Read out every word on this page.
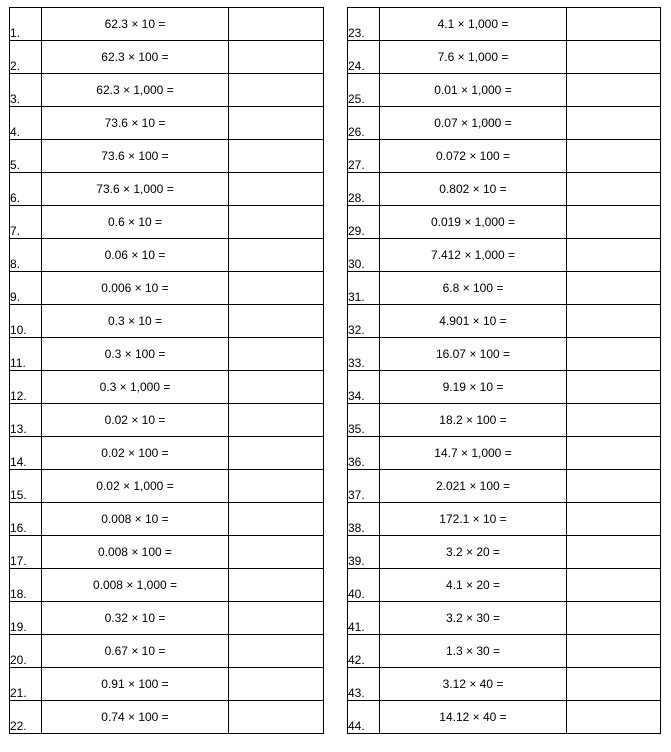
1.	62.3 × 10 =	
2.	62.3 × 100 =	
3.	62.3 × 1,000 =	
4.	73.6 × 10 =	
5.	73.6 × 100 =	
6.	73.6 × 1,000 =	
7.	0.6 × 10 =	
8.	0.06 × 10 =	
9.	0.006 × 10 =	
10.	0.3 × 10 =	
11.	0.3 × 100 =	
12.	0.3 × 1,000 =	
13.	0.02 × 10 =	
14.	0.02 × 100 =	
15.	0.02 × 1,000 =	
16.	0.008 × 10 =	
17.	0.008 × 100 =	
18.	0.008 × 1,000 =	
19.	0.32 × 10 =	
20.	0.67 × 10 =	
21.	0.91 × 100 =	
22.	0.74 × 100 =	
23.	4.1 × 1,000 =	
24.	7.6 × 1,000 =	
25.	0.01 × 1,000 =	
26.	0.07 × 1,000 =	
27.	0.072 × 100 =	
28.	0.802 × 10 =	
29.	0.019 × 1,000 =	
30.	7.412 × 1,000 =	
31.	6.8 × 100 =	
32.	4.901 × 10 =	
33.	16.07 × 100 =	
34.	9.19 × 10 =	
35.	18.2 × 100 =	
36.	14.7 × 1,000 =	
37.	2.021 × 100 =	
38.	172.1 × 10 =	
39.	3.2 × 20 =	
40.	4.1 × 20 =	
41.	3.2 × 30 =	
42.	1.3 × 30 =	
43.	3.12 × 40 =	
44.	14.12 × 40 =	
